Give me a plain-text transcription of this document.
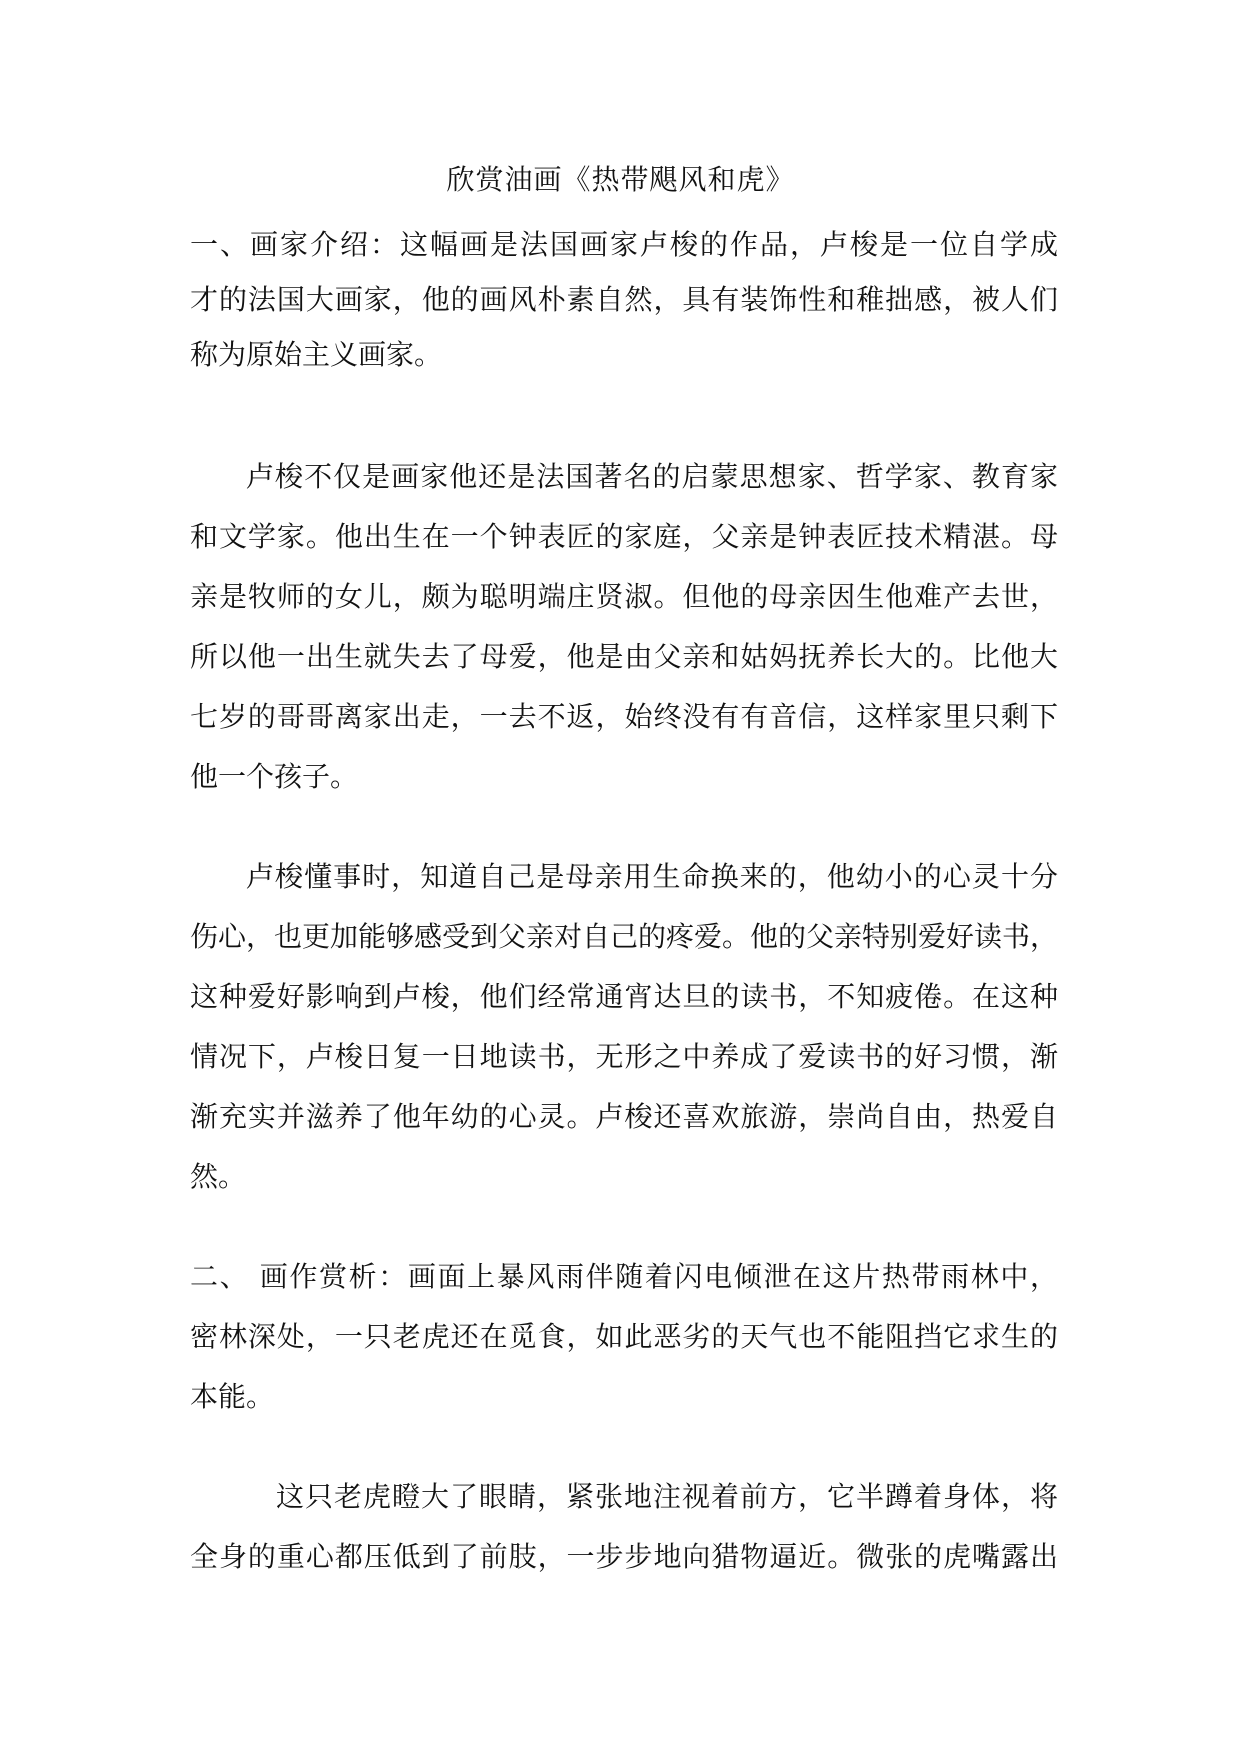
欣赏油画《热带飓风和虎》
一、画家介绍：这幅画是法国画家卢梭的作品，卢梭是一位自学成
才的法国大画家，他的画风朴素自然，具有装饰性和稚拙感，被人们
称为原始主义画家。
卢梭不仅是画家他还是法国著名的启蒙思想家、哲学家、教育家
和文学家。他出生在一个钟表匠的家庭，父亲是钟表匠技术精湛。母
亲是牧师的女儿，颇为聪明端庄贤淑。但他的母亲因生他难产去世，
所以他一出生就失去了母爱，他是由父亲和姑妈抚养长大的。比他大
七岁的哥哥离家出走，一去不返，始终没有有音信，这样家里只剩下
他一个孩子。
卢梭懂事时，知道自己是母亲用生命换来的，他幼小的心灵十分
伤心，也更加能够感受到父亲对自己的疼爱。他的父亲特别爱好读书，
这种爱好影响到卢梭，他们经常通宵达旦的读书，不知疲倦。在这种
情况下，卢梭日复一日地读书，无形之中养成了爱读书的好习惯，渐
渐充实并滋养了他年幼的心灵。卢梭还喜欢旅游，崇尚自由，热爱自
然。
二、 画作赏析：画面上暴风雨伴随着闪电倾泄在这片热带雨林中，
密林深处，一只老虎还在觅食，如此恶劣的天气也不能阻挡它求生的
本能。
这只老虎瞪大了眼睛，紧张地注视着前方，它半蹲着身体，将
全身的重心都压低到了前肢，一步步地向猎物逼近。微张的虎嘴露出
